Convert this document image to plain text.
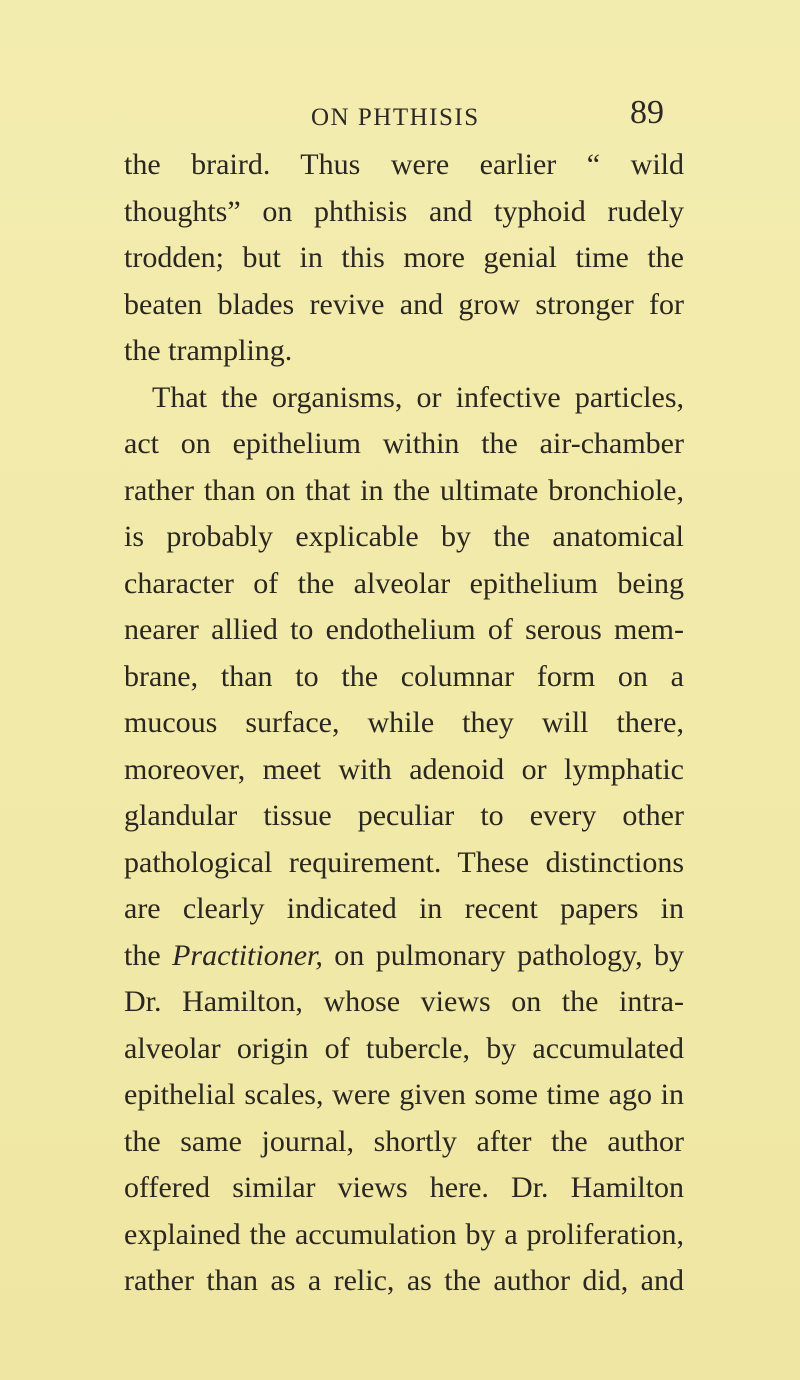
ON PHTHISIS	89
the braird. Thus were earlier “ wild
thoughts” on phthisis and typhoid rudely
trodden; but in this more genial time the
beaten blades revive and grow stronger for
the trampling.
That the organisms, or infective particles,
act on epithelium within the air-chamber
rather than on that in the ultimate bronchiole,
is probably explicable by the anatomical
character of the alveolar epithelium being
nearer allied to endothelium of serous mem-
brane, than to the columnar form on a
mucous surface, while they will there,
moreover, meet with adenoid or lymphatic
glandular tissue peculiar to every other
pathological requirement. These distinctions
are clearly indicated in recent papers in
the Practitioner, on pulmonary pathology, by
Dr. Hamilton, whose views on the intra-
alveolar origin of tubercle, by accumulated
epithelial scales, were given some time ago in
the same journal, shortly after the author
offered similar views here. Dr. Hamilton
explained the accumulation by a proliferation,
rather than as a relic, as the author did, and
